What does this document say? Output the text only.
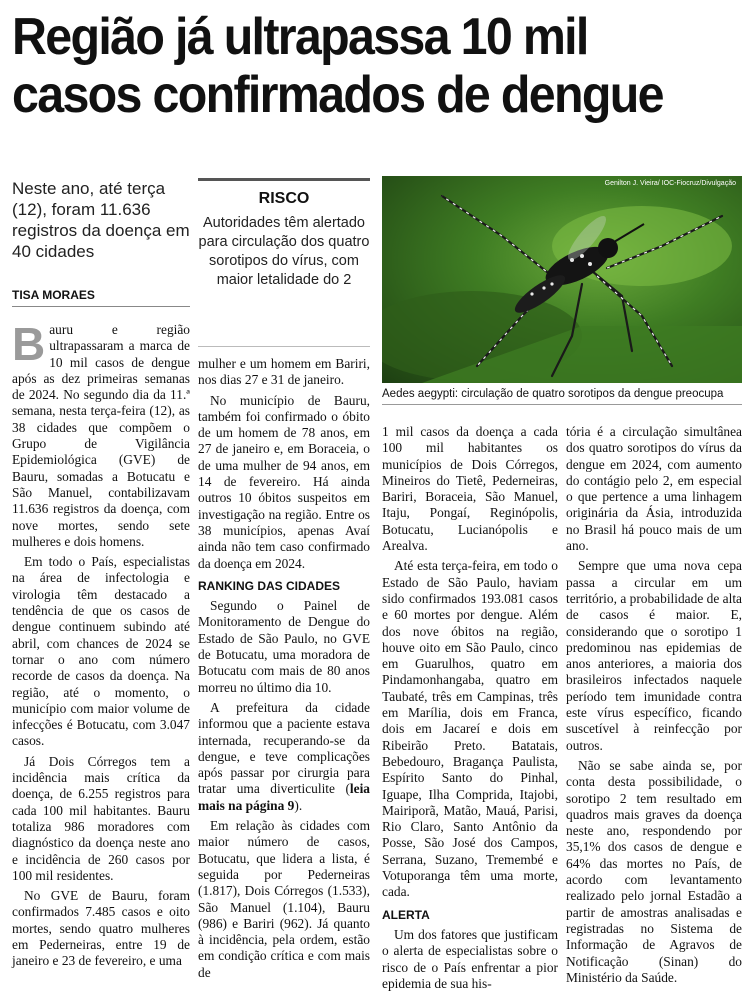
Região já ultrapassa 10 mil
casos confirmados de dengue
Neste ano, até terça (12), foram 11.636 registros da doença em 40 cidades
TISA MORAES
RISCO

Autoridades têm alertado para circulação dos quatro sorotipos do vírus, com maior letalidade do 2

Genilton J. Vieira/ IOC-Fiocruz/Divulgação
Aedes aegypti: circulação de quatro sorotipos da dengue preocupa
B auru e região ultrapassaram a marca de 10 mil casos de dengue após as dez primeiras semanas de 2024. No segundo dia da 11.ª semana, nesta terça-feira (12), as 38 cidades que compõem o Grupo de Vigilância Epidemiológica (GVE) de Bauru, somadas a Botucatu e São Manuel, contabilizavam 11.636 registros da doença, com nove mortes, sendo sete mulheres e dois homens.

Em todo o País, especialistas na área de infectologia e virologia têm destacado a tendência de que os casos de dengue continuem subindo até abril, com chances de 2024 se tornar o ano com número recorde de casos da doença. Na região, até o momento, o município com maior volume de infecções é Botucatu, com 3.047 casos.

Já Dois Córregos tem a incidência mais crítica da doença, de 6.255 registros para cada 100 mil habitantes. Bauru totaliza 986 moradores com diagnóstico da doença neste ano e incidência de 260 casos por 100 mil residentes.

No GVE de Bauru, foram confirmados 7.485 casos e oito mortes, sendo quatro mulheres em Pederneiras, entre 19 de janeiro e 23 de fevereiro, e uma

mulher e um homem em Bariri, nos dias 27 e 31 de janeiro.

No município de Bauru, também foi confirmado o óbito de um homem de 78 anos, em 27 de janeiro e, em Boraceia, o de uma mulher de 94 anos, em 14 de fevereiro. Há ainda outros 10 óbitos suspeitos em investigação na região. Entre os 38 municípios, apenas Avaí ainda não tem caso confirmado da doença em 2024.

RANKING DAS CIDADES

Segundo o Painel de Monitoramento de Dengue do Estado de São Paulo, no GVE de Botucatu, uma moradora de Botucatu com mais de 80 anos morreu no último dia 10.

A prefeitura da cidade informou que a paciente estava internada, recuperando-se da dengue, e teve complicações após passar por cirurgia para tratar uma diverticulite (leia mais na página 9).

Em relação às cidades com maior número de casos, Botucatu, que lidera a lista, é seguida por Pederneiras (1.817), Dois Córregos (1.533), São Manuel (1.104), Bauru (986) e Bariri (962). Já quanto à incidência, pela ordem, estão em condição crítica e com mais de

1 mil casos da doença a cada 100 mil habitantes os municípios de Dois Córregos, Mineiros do Tietê, Pederneiras, Bariri, Boraceia, São Manuel, Itaju, Pongaí, Reginópolis, Botucatu, Lucianópolis e Arealva.

Até esta terça-feira, em todo o Estado de São Paulo, haviam sido confirmados 193.081 casos e 60 mortes por dengue. Além dos nove óbitos na região, houve oito em São Paulo, cinco em Guarulhos, quatro em Pindamonhangaba, quatro em Taubaté, três em Campinas, três em Marília, dois em Franca, dois em Jacareí e dois em Ribeirão Preto. Batatais, Bebedouro, Bragança Paulista, Espírito Santo do Pinhal, Iguape, Ilha Comprida, Itajobi, Mairiporã, Matão, Mauá, Parisi, Rio Claro, Santo Antônio da Posse, São José dos Campos, Serrana, Suzano, Tremembé e Votuporanga têm uma morte, cada.

ALERTA

Um dos fatores que justificam o alerta de especialistas sobre o risco de o País enfrentar a pior epidemia de sua his-

tória é a circulação simultânea dos quatro sorotipos do vírus da dengue em 2024, com aumento do contágio pelo 2, em especial o que pertence a uma linhagem originária da Ásia, introduzida no Brasil há pouco mais de um ano.

Sempre que uma nova cepa passa a circular em um território, a probabilidade de alta de casos é maior. E, considerando que o sorotipo 1 predominou nas epidemias de anos anteriores, a maioria dos brasileiros infectados naquele período tem imunidade contra este vírus específico, ficando suscetível à reinfecção por outros.

Não se sabe ainda se, por conta desta possibilidade, o sorotipo 2 tem resultado em quadros mais graves da doença neste ano, respondendo por 35,1% dos casos de dengue e 64% das mortes no País, de acordo com levantamento realizado pelo jornal Estadão a partir de amostras analisadas e registradas no Sistema de Informação de Agravos de Notificação (Sinan) do Ministério da Saúde.
